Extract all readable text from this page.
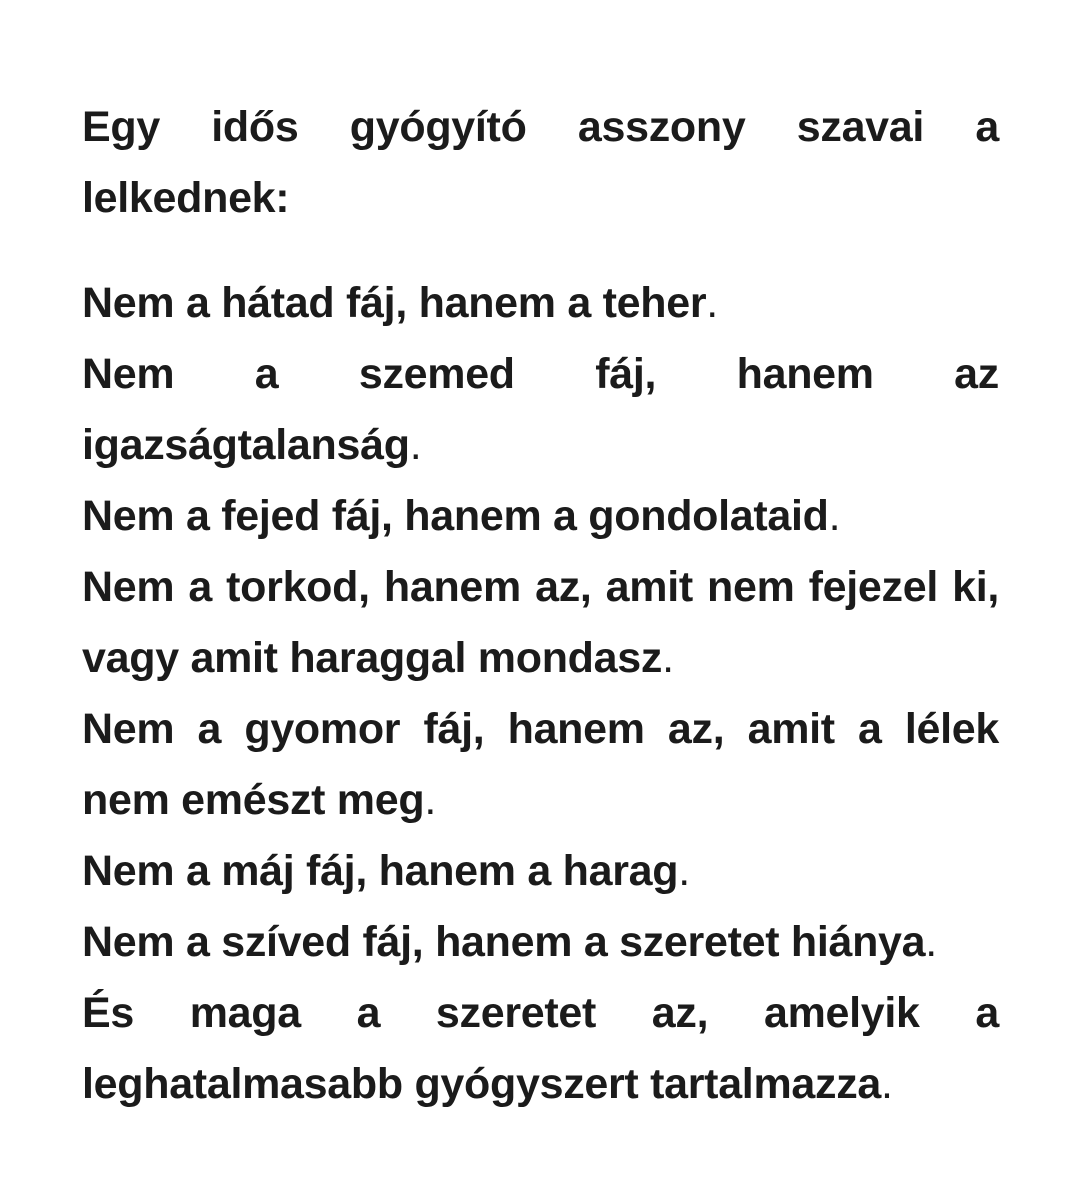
Egy idős gyógyító asszony szavai a lelkednek:

Nem a hátad fáj, hanem a teher.

Nem a szemed fáj, hanem az igazságtalanság.

Nem a fejed fáj, hanem a gondolataid.

Nem a torkod, hanem az, amit nem fejezel ki, vagy amit haraggal mondasz.

Nem a gyomor fáj, hanem az, amit a lélek nem emészt meg.

Nem a máj fáj, hanem a harag.

Nem a szíved fáj, hanem a szeretet hiánya.

És maga a szeretet az, amelyik a leghatalmasabb gyógyszert tartalmazza.
